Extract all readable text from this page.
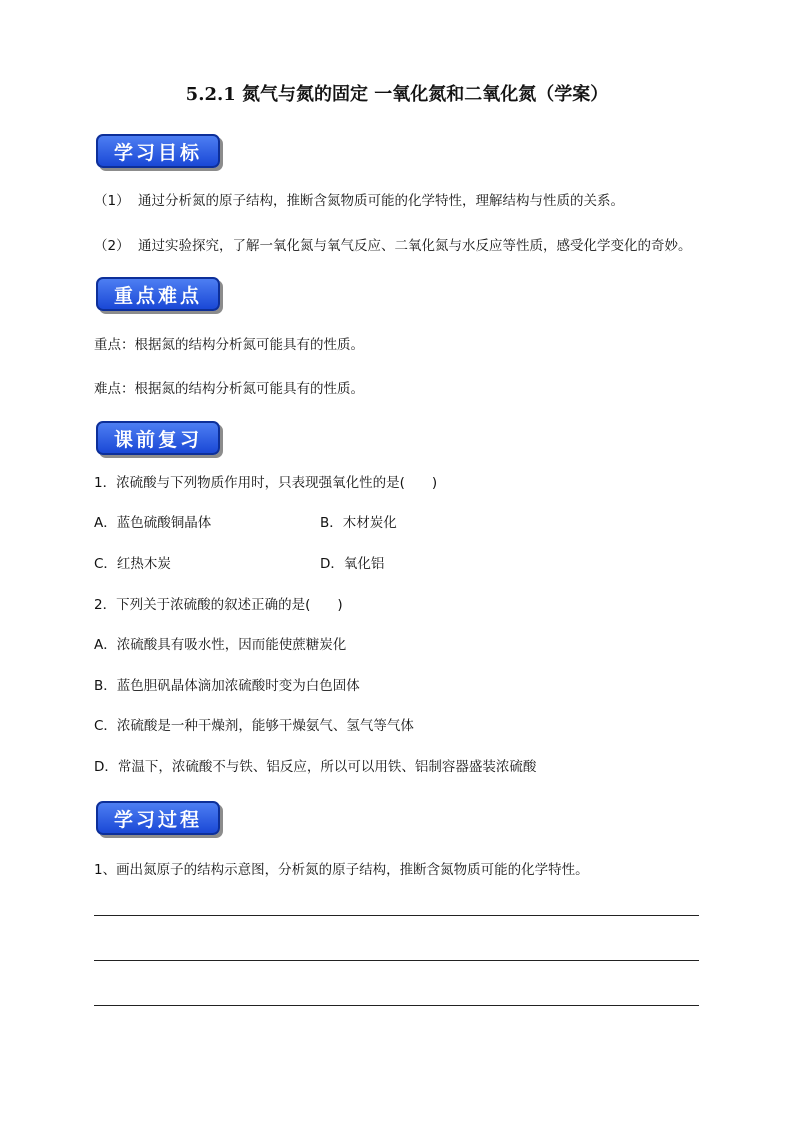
5.2.1 氮气与氮的固定 一氧化氮和二氧化氮（学案）
学习目标
（1） 通过分析氮的原子结构，推断含氮物质可能的化学特性，理解结构与性质的关系。
（2） 通过实验探究，了解一氧化氮与氧气反应、二氧化氮与水反应等性质，感受化学变化的奇妙。
重点难点
重点：根据氮的结构分析氮可能具有的性质。
难点：根据氮的结构分析氮可能具有的性质。
课前复习
1．浓硫酸与下列物质作用时，只表现强氧化性的是(　　)
A．蓝色硫酸铜晶体	B．木材炭化
C．红热木炭	D．氧化铝
2．下列关于浓硫酸的叙述正确的是(　　)
A．浓硫酸具有吸水性，因而能使蔗糖炭化
B．蓝色胆矾晶体滴加浓硫酸时变为白色固体
C．浓硫酸是一种干燥剂，能够干燥氨气、氢气等气体
D．常温下，浓硫酸不与铁、铝反应，所以可以用铁、铝制容器盛装浓硫酸
学习过程
1、画出氮原子的结构示意图，分析氮的原子结构，推断含氮物质可能的化学特性。
